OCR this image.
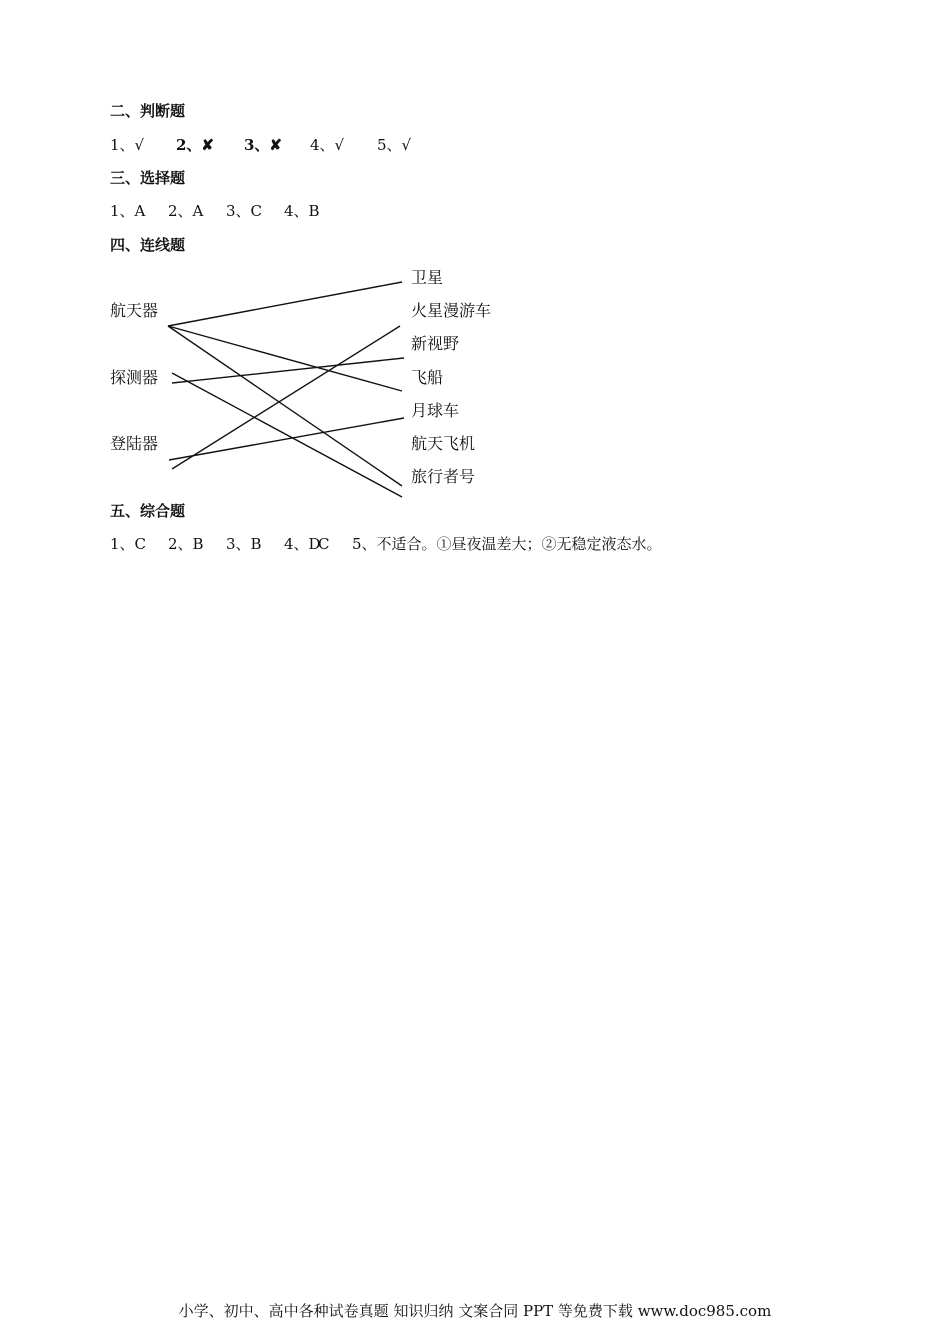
二、判断题
1、√ 2、✘ 3、✘ 4、√ 5、√
三、选择题
1、A 2、A 3、C 4、B
四、连线题
航天器
探测器
登陆器
卫星
火星漫游车
新视野
飞船
月球车
航天飞机
旅行者号
五、综合题
1、C 2、B 3、B 4、DC 5、不适合。①昼夜温差大；②无稳定液态水。
小学、初中、高中各种试卷真题 知识归纳 文案合同 PPT 等免费下载 www.doc985.com
